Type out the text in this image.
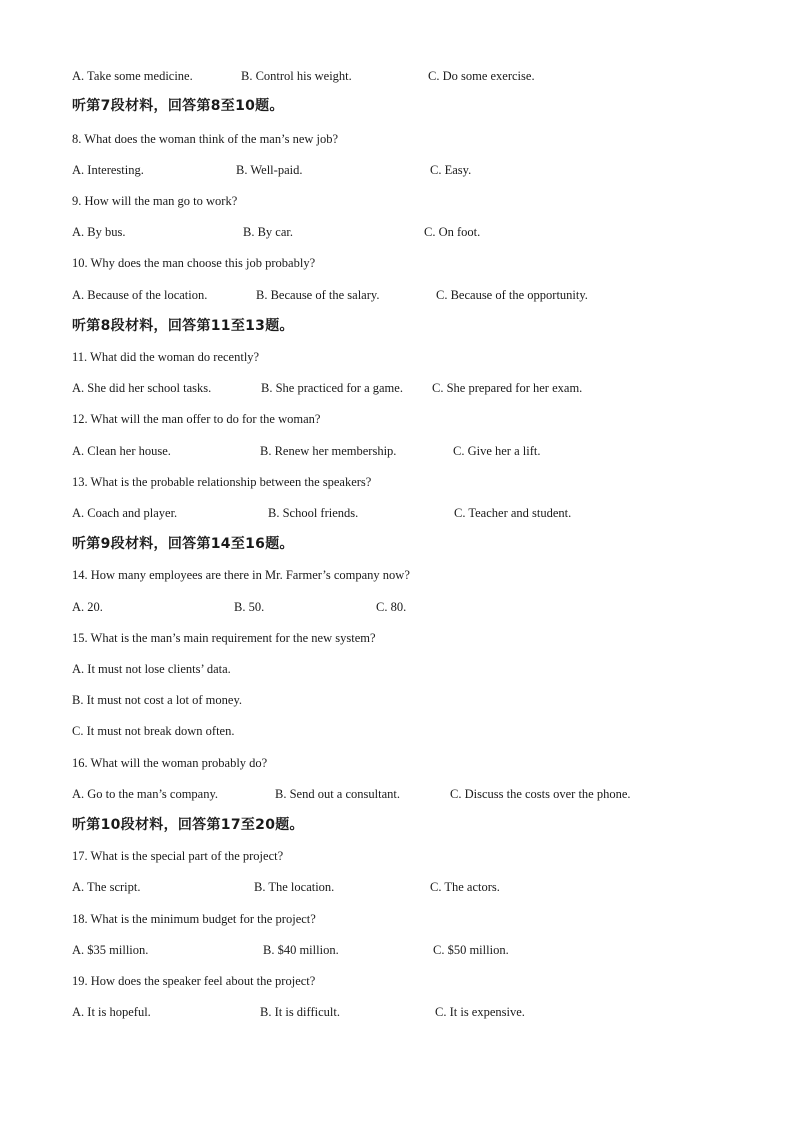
A. Take some medicine.	B. Control his weight.	C. Do some exercise.
听第7段材料，回答第8至10题。
8. What does the woman think of the man’s new job?
A. Interesting.	B. Well-paid.	C. Easy.
9. How will the man go to work?
A. By bus.	B. By car.	C. On foot.
10. Why does the man choose this job probably?
A. Because of the location.	B. Because of the salary.	C. Because of the opportunity.
听第8段材料，回答第11至13题。
11. What did the woman do recently?
A. She did her school tasks.	B. She practiced for a game. C. She prepared for her exam.
12. What will the man offer to do for the woman?
A. Clean her house.	B. Renew her membership.	C. Give her a lift.
13. What is the probable relationship between the speakers?
A. Coach and player.	B. School friends.	C. Teacher and student.
听第9段材料，回答第14至16题。
14. How many employees are there in Mr. Farmer’s company now?
A. 20.	B. 50.	C. 80.
15. What is the man’s main requirement for the new system?
A. It must not lose clients’ data.
B. It must not cost a lot of money.
C. It must not break down often.
16. What will the woman probably do?
A. Go to the man’s company.	B. Send out a consultant.	C. Discuss the costs over the phone.
听第10段材料，回答第17至20题。
17. What is the special part of the project?
A. The script.	B. The location.	C. The actors.
18. What is the minimum budget for the project?
A. $35 million.	B. $40 million.	C. $50 million.
19. How does the speaker feel about the project?
A. It is hopeful.	B. It is difficult.	C. It is expensive.
